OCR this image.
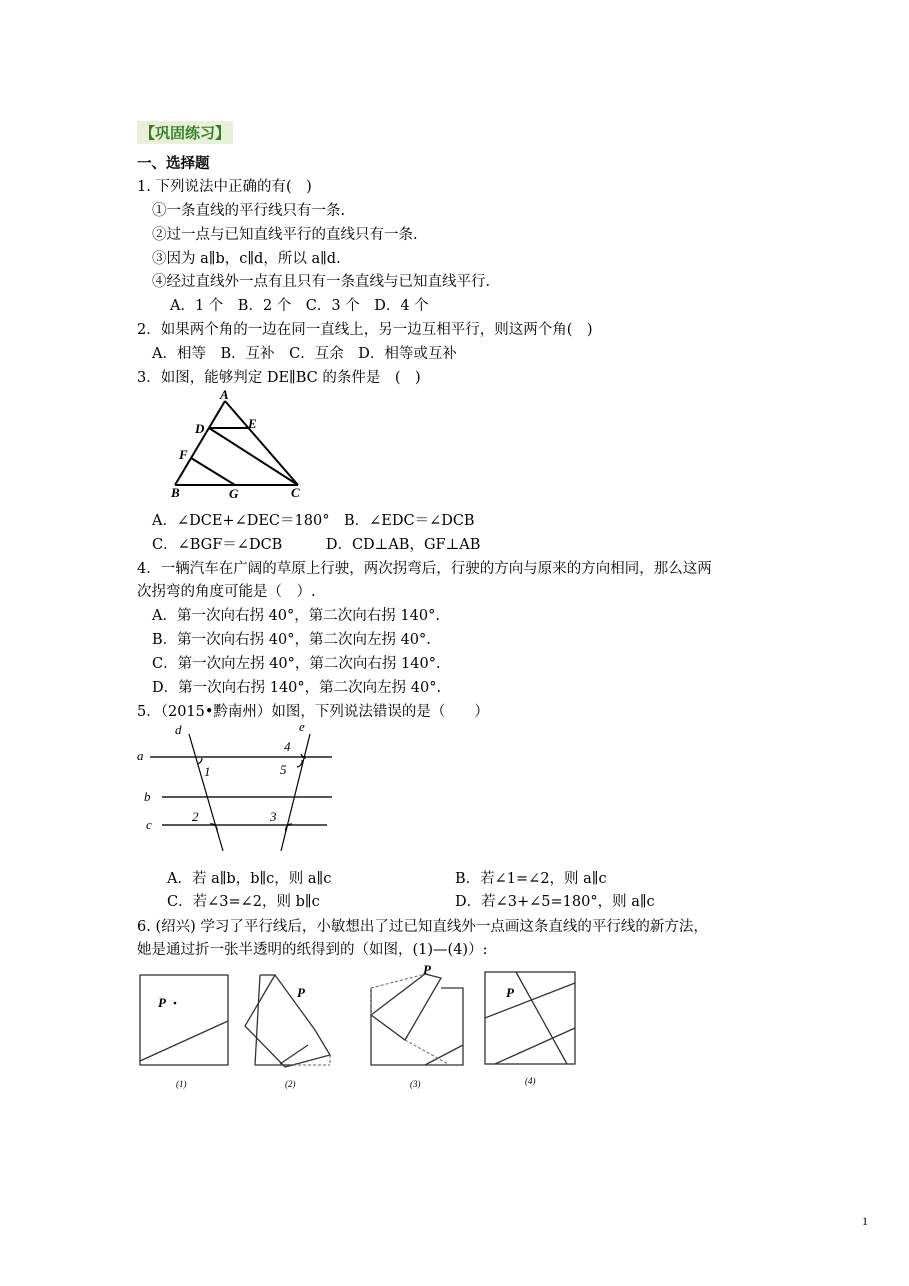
【巩固练习】
一、选择题
1. 下列说法中正确的有(　)
①一条直线的平行线只有一条.
②过一点与已知直线平行的直线只有一条.
③因为 a∥b，c∥d，所以 a∥d.
④经过直线外一点有且只有一条直线与已知直线平行.
A．1 个　B．2 个　C．3 个　D．4 个
2．如果两个角的一边在同一直线上，另一边互相平行，则这两个角(　)
A．相等　B．互补　C．互余　D．相等或互补
3．如图，能够判定 DE∥BC 的条件是　(　)
A
D	E
F
B	G	C
A．∠DCE+∠DEC＝180°　B．∠EDC＝∠DCB
C．∠BGF＝∠DCB　　　D．CD⊥AB，GF⊥AB
4．一辆汽车在广阔的草原上行驶，两次拐弯后，行驶的方向与原来的方向相同，那么这两
次拐弯的角度可能是（　）.
A．第一次向右拐 40°，第二次向右拐 140°.
B．第一次向右拐 40°，第二次向左拐 40°.
C．第一次向左拐 40°，第二次向右拐 140°.
D．第一次向右拐 140°，第二次向左拐 40°.
5．（2015•黔南州）如图，下列说法错误的是（　　）
a
b
c
d	e
1
2	3
4
5
A．若 a∥b，b∥c，则 a∥c	B．若∠1=∠2，则 a∥c
C．若∠3=∠2，则 b∥c	D．若∠3+∠5=180°，则 a∥c
6. (绍兴) 学习了平行线后，小敏想出了过已知直线外一点画这条直线的平行线的新方法，
她是通过折一张半透明的纸得到的（如图，(1)—(4)）:
P
(1)
P
(2)
P
(3)
P
(4)
1
